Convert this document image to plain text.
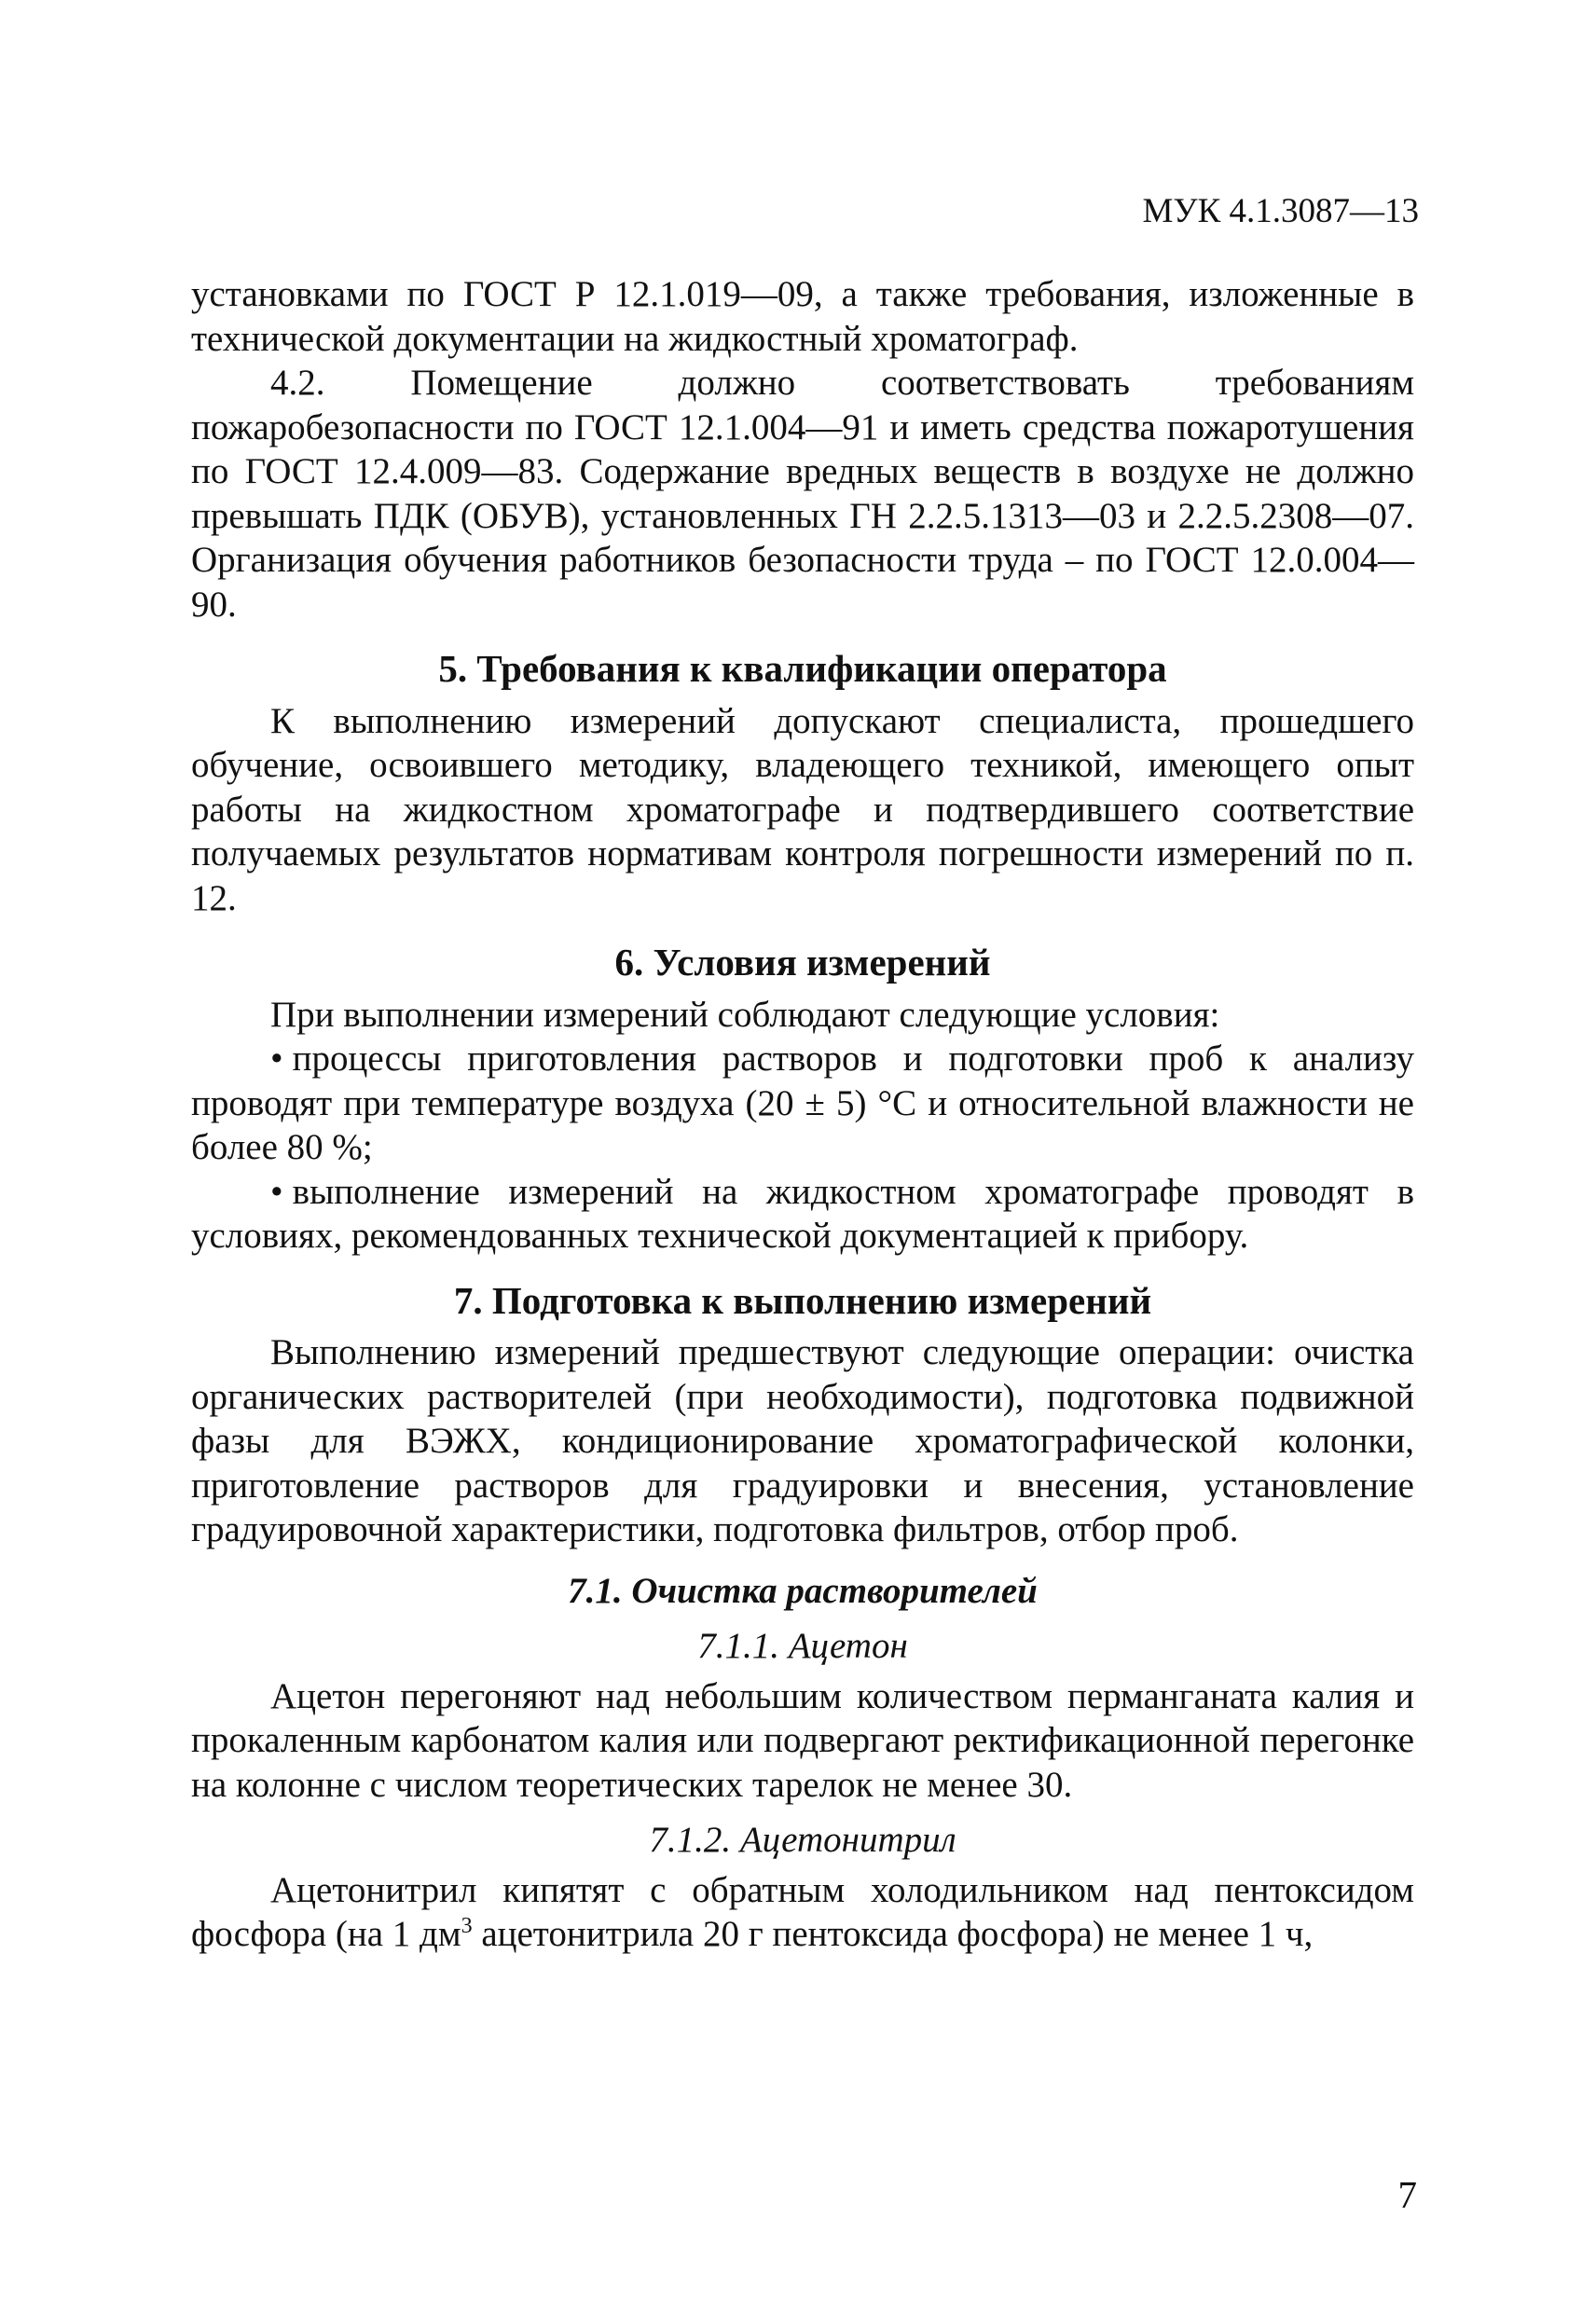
МУК 4.1.3087—13

установками по ГОСТ Р 12.1.019—09, а также требования, изложенные в технической документации на жидкостный хроматограф.

4.2. Помещение должно соответствовать требованиям пожаробезопасности по ГОСТ 12.1.004—91 и иметь средства пожаротушения по ГОСТ 12.4.009—83. Содержание вредных веществ в воздухе не должно превышать ПДК (ОБУВ), установленных ГН 2.2.5.1313—03 и 2.2.5.2308—07. Организация обучения работников безопасности труда – по ГОСТ 12.0.004—90.

5. Требования к квалификации оператора

К выполнению измерений допускают специалиста, прошедшего обучение, освоившего методику, владеющего техникой, имеющего опыт работы на жидкостном хроматографе и подтвердившего соответствие получаемых результатов нормативам контроля погрешности измерений по п. 12.

6. Условия измерений

При выполнении измерений соблюдают следующие условия:

• процессы приготовления растворов и подготовки проб к анализу проводят при температуре воздуха (20 ± 5) °С и относительной влажности не более 80 %;

• выполнение измерений на жидкостном хроматографе проводят в условиях, рекомендованных технической документацией к прибору.

7. Подготовка к выполнению измерений

Выполнению измерений предшествуют следующие операции: очистка органических растворителей (при необходимости), подготовка подвижной фазы для ВЭЖХ, кондиционирование хроматографической колонки, приготовление растворов для градуировки и внесения, установление градуировочной характеристики, подготовка фильтров, отбор проб.

7.1. Очистка растворителей
7.1.1. Ацетон

Ацетон перегоняют над небольшим количеством перманганата калия и прокаленным карбонатом калия или подвергают ректификационной перегонке на колонне с числом теоретических тарелок не менее 30.

7.1.2. Ацетонитрил

Ацетонитрил кипятят с обратным холодильником над пентоксидом фосфора (на 1 $дм^3$ ацетонитрила 20 г пентоксида фосфора) не менее 1 ч,

7
